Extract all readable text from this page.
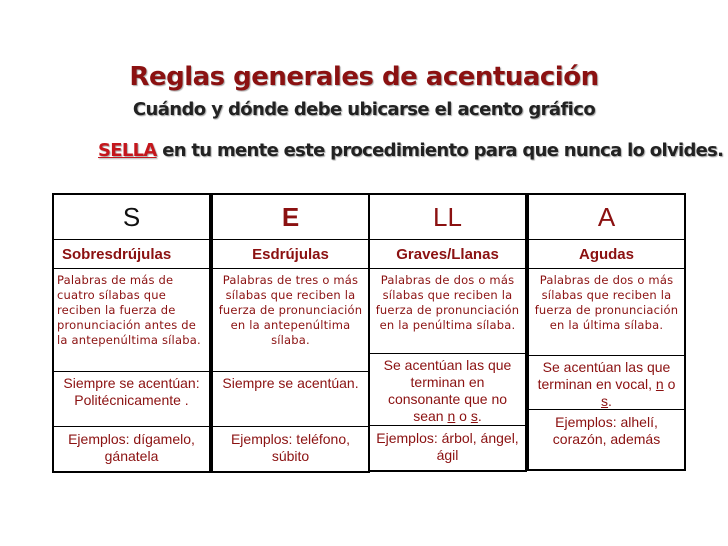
Reglas generales de acentuación
Cuándo y dónde debe ubicarse el acento gráfico
SELLA en tu mente este procedimiento para que nunca lo olvides.
S
Sobresdrújulas
Palabras de más de cuatro sílabas que reciben la fuerza de pronunciación antes de la antepenúltima sílaba.
Siempre se acentúan: Politécnicamente .
Ejemplos: dígamelo, gánatela
E
Esdrújulas
Palabras de tres o más sílabas que reciben la fuerza de pronunciación en la antepenúltima sílaba.
Siempre se acentúan.
Ejemplos: teléfono, súbito
LL
Graves/Llanas
Palabras de dos o más sílabas que reciben la fuerza de pronunciación en la penúltima sílaba.
Se acentúan las que terminan en consonante que no sean n o s.
Ejemplos: árbol, ángel, ágil
A
Agudas
Palabras de dos o más sílabas que reciben la fuerza de pronunciación en la última sílaba.
Se acentúan las que terminan en vocal, n o s.
Ejemplos: alhelí, corazón, además
